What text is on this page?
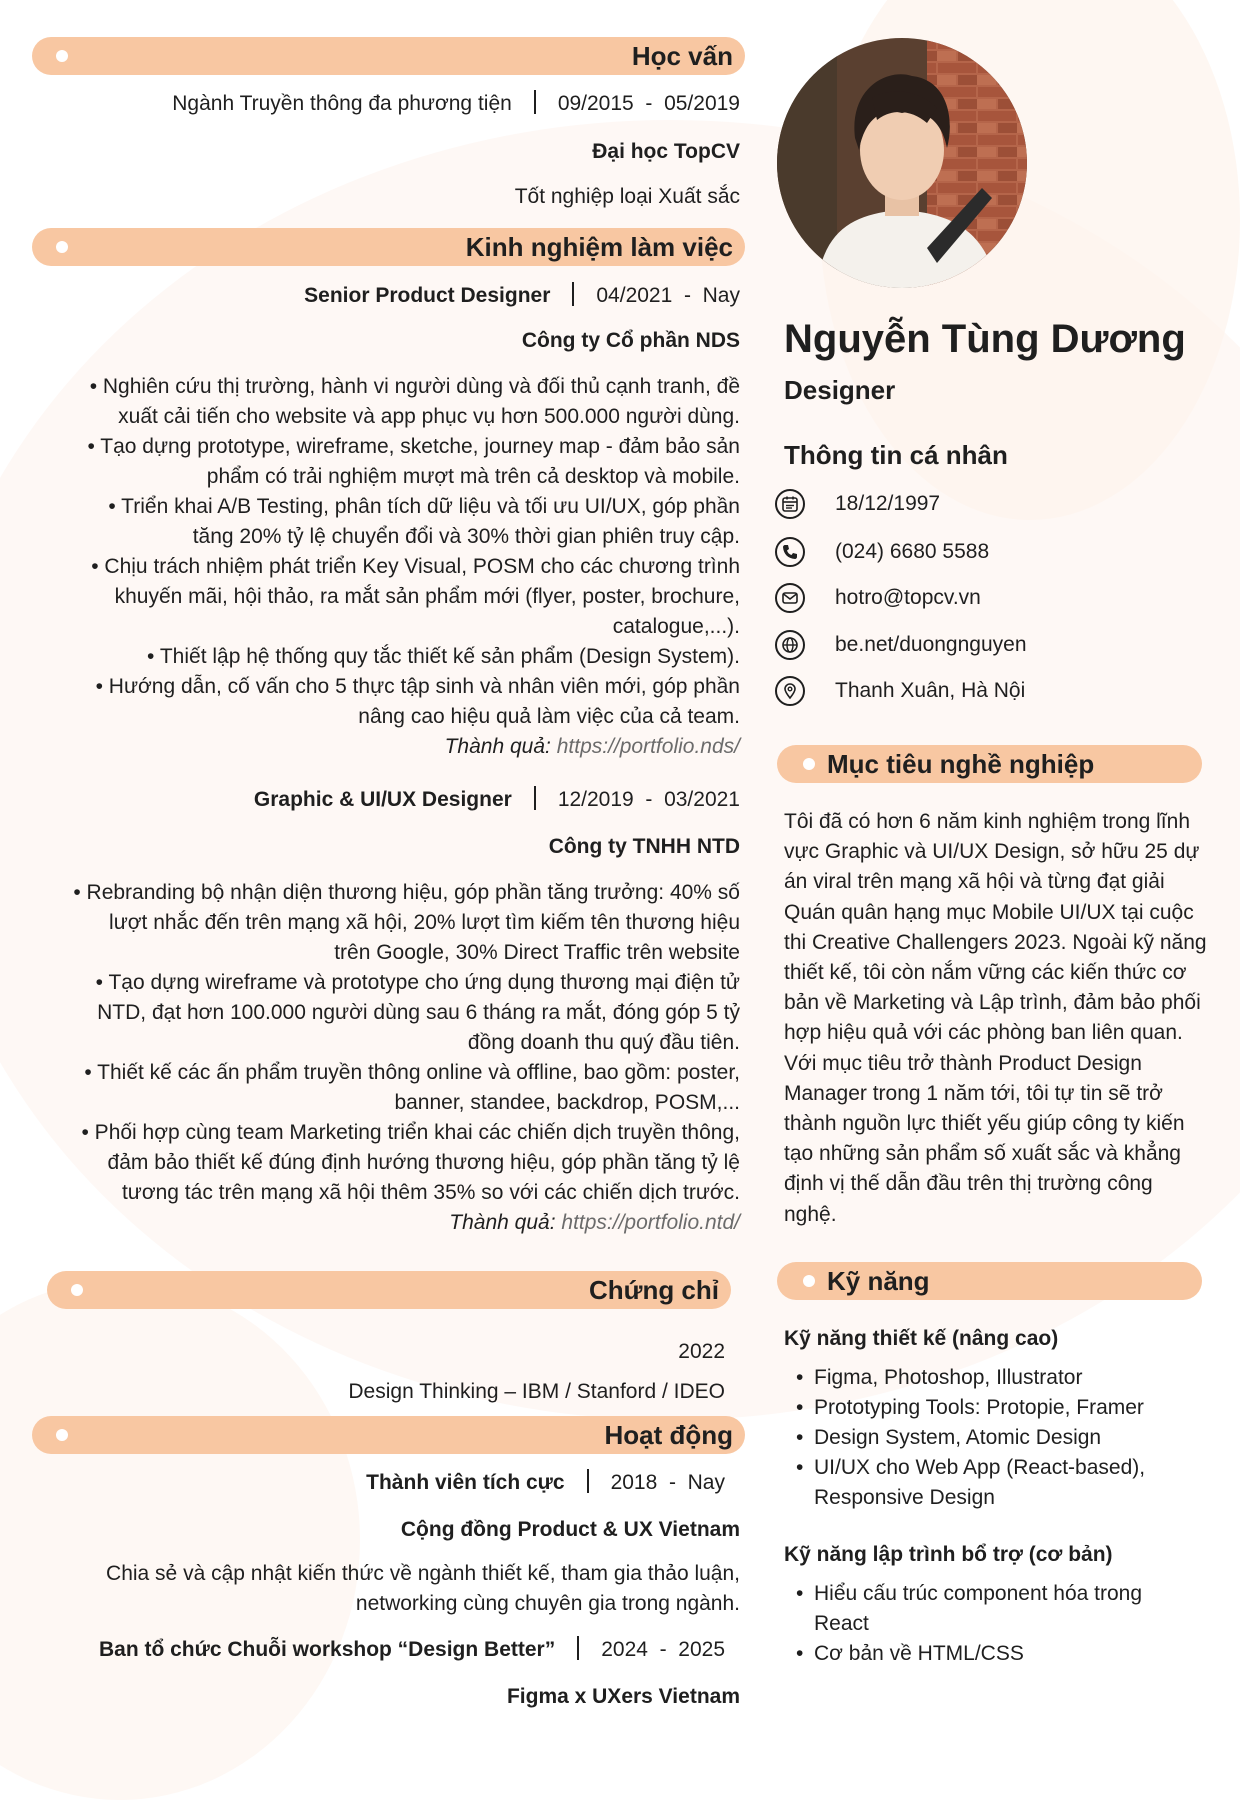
Học vấn
Ngành Truyền thông đa phương tiện 09/2015  -  05/2019
Đại học TopCV
Tốt nghiệp loại Xuất sắc
Kinh nghiệm làm việc
Senior Product Designer 04/2021  -  Nay
Công ty Cổ phần NDS
• Nghiên cứu thị trường, hành vi người dùng và đối thủ cạnh tranh, đề
xuất cải tiến cho website và app phục vụ hơn 500.000 người dùng.
• Tạo dựng prototype, wireframe, sketche, journey map - đảm bảo sản
phẩm có trải nghiệm mượt mà trên cả desktop và mobile.
• Triển khai A/B Testing, phân tích dữ liệu và tối ưu UI/UX, góp phần
tăng 20% tỷ lệ chuyển đổi và 30% thời gian phiên truy cập.
• Chịu trách nhiệm phát triển Key Visual, POSM cho các chương trình
khuyến mãi, hội thảo, ra mắt sản phẩm mới (flyer, poster, brochure,
catalogue,...).
• Thiết lập hệ thống quy tắc thiết kế sản phẩm (Design System).
• Hướng dẫn, cố vấn cho 5 thực tập sinh và nhân viên mới, góp phần
nâng cao hiệu quả làm việc của cả team.
Thành quả: https://portfolio.nds/
Graphic & UI/UX Designer 12/2019  -  03/2021
Công ty TNHH NTD
• Rebranding bộ nhận diện thương hiệu, góp phần tăng trưởng: 40% số
lượt nhắc đến trên mạng xã hội, 20% lượt tìm kiếm tên thương hiệu
trên Google, 30% Direct Traffic trên website
• Tạo dựng wireframe và prototype cho ứng dụng thương mại điện tử
NTD, đạt hơn 100.000 người dùng sau 6 tháng ra mắt, đóng góp 5 tỷ
đồng doanh thu quý đầu tiên.
• Thiết kế các ấn phẩm truyền thông online và offline, bao gồm: poster,
banner, standee, backdrop, POSM,...
• Phối hợp cùng team Marketing triển khai các chiến dịch truyền thông,
đảm bảo thiết kế đúng định hướng thương hiệu, góp phần tăng tỷ lệ
tương tác trên mạng xã hội thêm 35% so với các chiến dịch trước.
Thành quả: https://portfolio.ntd/
Chứng chỉ
2022
Design Thinking – IBM / Stanford / IDEO
Hoạt động
Thành viên tích cực 2018  -  Nay
Cộng đồng Product & UX Vietnam
Chia sẻ và cập nhật kiến thức về ngành thiết kế, tham gia thảo luận,
networking cùng chuyên gia trong ngành.
Ban tổ chức Chuỗi workshop “Design Better” 2024  -  2025
Figma x UXers Vietnam
Nguyễn Tùng Dương
Designer
Thông tin cá nhân
18/12/1997
(024) 6680 5588
hotro@topcv.vn
be.net/duongnguyen
Thanh Xuân, Hà Nội
Mục tiêu nghề nghiệp
Tôi đã có hơn 6 năm kinh nghiệm trong lĩnh vực Graphic và UI/UX Design, sở hữu 25 dự án viral trên mạng xã hội và từng đạt giải Quán quân hạng mục Mobile UI/UX tại cuộc thi Creative Challengers 2023. Ngoài kỹ năng thiết kế, tôi còn nắm vững các kiến thức cơ bản về Marketing và Lập trình, đảm bảo phối hợp hiệu quả với các phòng ban liên quan. Với mục tiêu trở thành Product Design Manager trong 1 năm tới, tôi tự tin sẽ trở thành nguồn lực thiết yếu giúp công ty kiến tạo những sản phẩm số xuất sắc và khẳng định vị thế dẫn đầu trên thị trường công nghệ.
Kỹ năng
Kỹ năng thiết kế (nâng cao)
• Figma, Photoshop, Illustrator
• Prototyping Tools: Protopie, Framer
• Design System, Atomic Design
• UI/UX cho Web App (React-based), Responsive Design
Kỹ năng lập trình bổ trợ (cơ bản)
• Hiểu cấu trúc component hóa trong React
• Cơ bản về HTML/CSS
